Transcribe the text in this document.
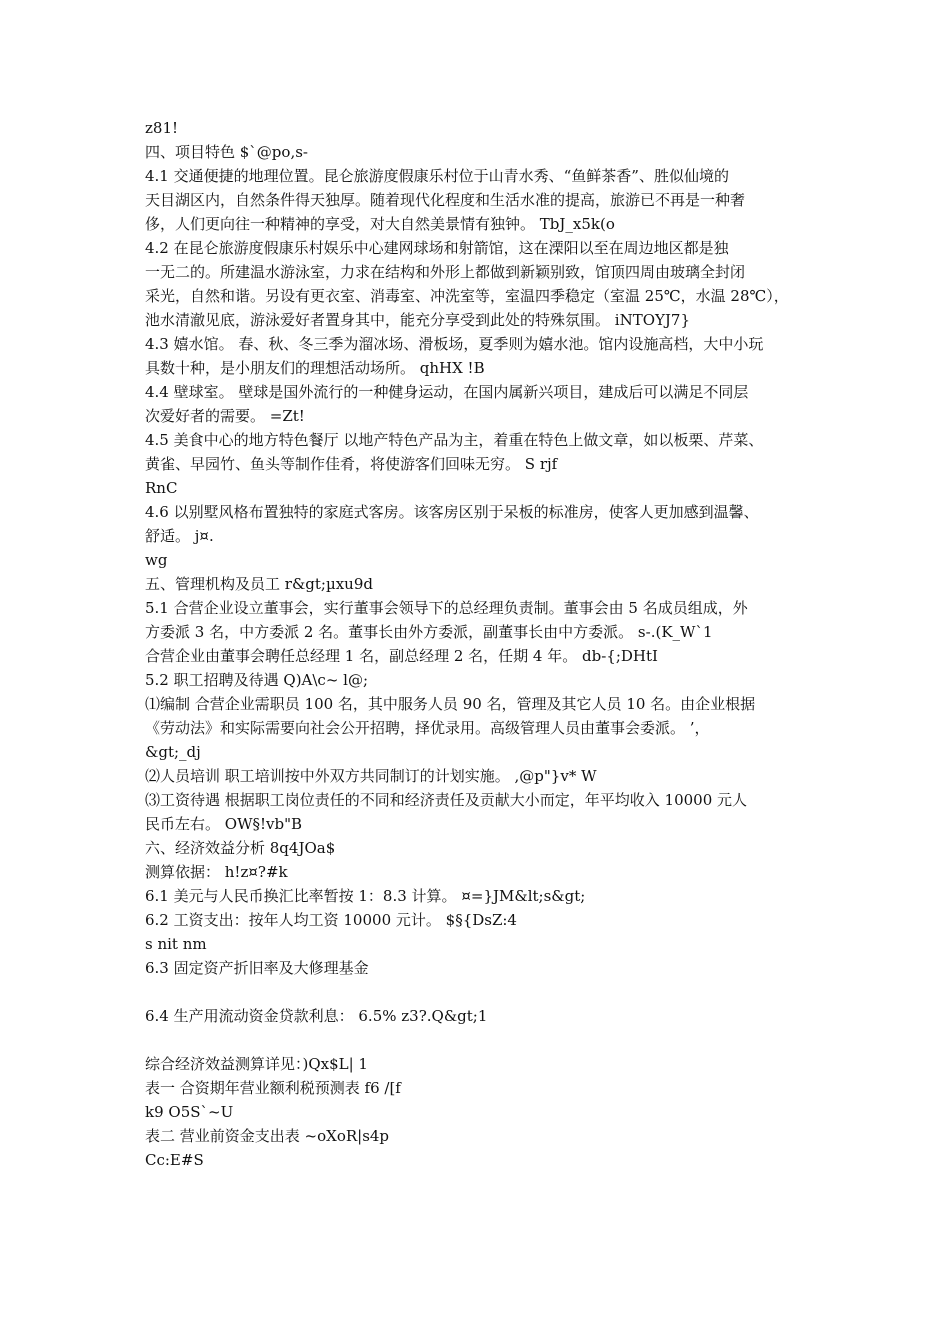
z81!
四、项目特色 $`@po,s-
4.1 交通便捷的地理位置。昆仑旅游度假康乐村位于山青水秀、“鱼鲜茶香”、胜似仙境的
天目湖区内，自然条件得天独厚。随着现代化程度和生活水准的提高，旅游已不再是一种奢
侈，人们更向往一种精神的享受，对大自然美景情有独钟。 TbJ_x5k(o
4.2 在昆仑旅游度假康乐村娱乐中心建网球场和射箭馆，这在溧阳以至在周边地区都是独
一无二的。所建温水游泳室，力求在结构和外形上都做到新颖别致，馆顶四周由玻璃全封闭
采光，自然和谐。另设有更衣室、消毒室、冲洗室等，室温四季稳定（室温 25℃，水温 28℃），
池水清澈见底，游泳爱好者置身其中，能充分享受到此处的特殊氛围。 iNTOYJ7}
4.3 嬉水馆。 春、秋、冬三季为溜冰场、滑板场，夏季则为嬉水池。馆内设施高档，大中小玩
具数十种，是小朋友们的理想活动场所。 qhHX !B
4.4 壁球室。 壁球是国外流行的一种健身运动，在国内属新兴项目，建成后可以满足不同层
次爱好者的需要。 =Zt!
4.5 美食中心的地方特色餐厅 以地产特色产品为主，着重在特色上做文章，如以板栗、芹菜、
黄雀、早园竹、鱼头等制作佳肴，将使游客们回味无穷。 S rjf
RnC
4.6 以别墅风格布置独特的家庭式客房。该客房区别于呆板的标准房，使客人更加感到温馨、
舒适。 j¤.
wg
五、管理机构及员工 r&gt;µxu9d
5.1 合营企业设立董事会，实行董事会领导下的总经理负责制。董事会由 5 名成员组成，外
方委派 3 名，中方委派 2 名。董事长由外方委派，副董事长由中方委派。 s-.(K_W`1
合营企业由董事会聘任总经理 1 名，副总经理 2 名，任期 4 年。 db-{;DHtI
5.2 职工招聘及待遇 Q)A\c~ l@;
⑴编制 合营企业需职员 100 名，其中服务人员 90 名，管理及其它人员 10 名。由企业根据
《劳动法》和实际需要向社会公开招聘，择优录用。高级管理人员由董事会委派。 ’，
&gt;_dj
⑵人员培训 职工培训按中外双方共同制订的计划实施。 ,@p"}v* W
⑶工资待遇 根据职工岗位责任的不同和经济责任及贡献大小而定，年平均收入 10000 元人
民币左右。 OW§!vb"B
六、经济效益分析 8q4JOa$
测算依据： h!z¤?#k
6.1 美元与人民币换汇比率暂按 1：8.3 计算。 ¤=}JM&lt;s&gt;
6.2 工资支出：按年人均工资 10000 元计。 $§{DsZ:4
s nit nm
6.3 固定资产折旧率及大修理基金
6.4 生产用流动资金贷款利息： 6.5% z3?.Q&gt;1
综合经济效益测算详见：)Qx$L| 1
表一 合资期年营业额利税预测表 f6 /[f
k9 O5S`~U
表二 营业前资金支出表 ~oXoR|s4p
Cc:E#S
